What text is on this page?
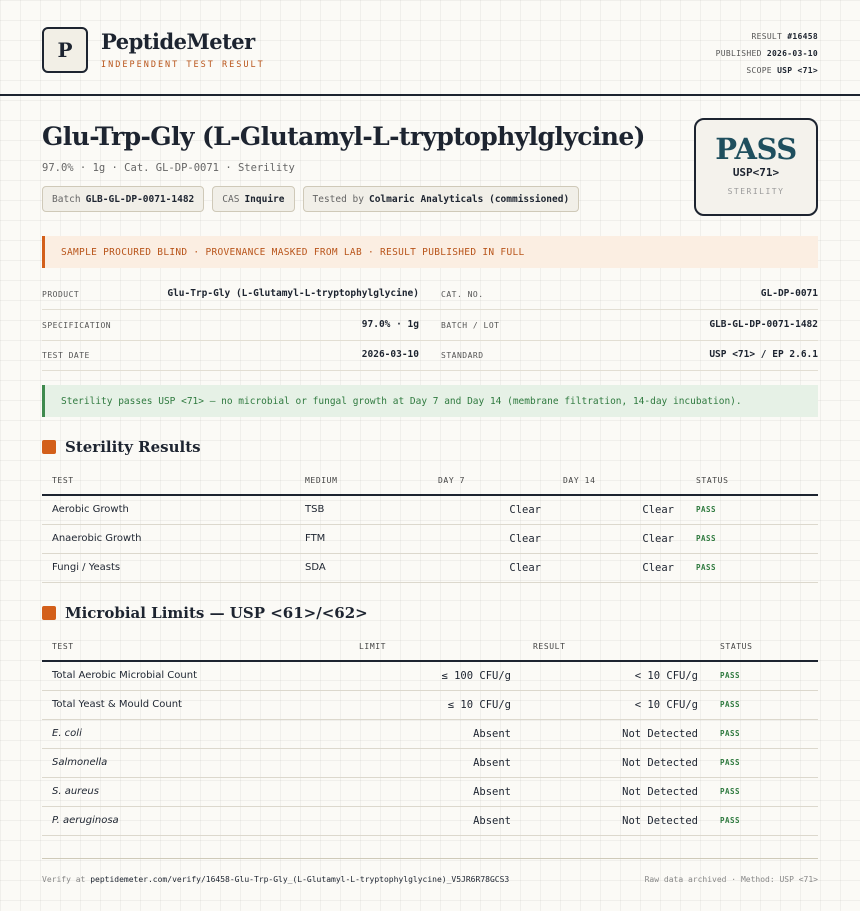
P	PeptideMeter
INDEPENDENT TEST RESULT
RESULT #16458
PUBLISHED 2026-03-10
SCOPE USP <71>
Glu-Trp-Gly (L-Glutamyl-L-tryptophylglycine)
97.0% · 1g · Cat. GL-DP-0071 · Sterility
Batch GLB-GL-DP-0071-1482	CAS Inquire	Tested by Colmaric Analyticals (commissioned)
PASS
USP<71>
STERILITY
SAMPLE PROCURED BLIND · PROVENANCE MASKED FROM LAB · RESULT PUBLISHED IN FULL
PRODUCT	Glu-Trp-Gly (L-Glutamyl-L-tryptophylglycine)	CAT. NO.	GL-DP-0071
SPECIFICATION	97.0% · 1g	BATCH / LOT	GLB-GL-DP-0071-1482
TEST DATE	2026-03-10	STANDARD	USP <71> / EP 2.6.1
Sterility passes USP <71> — no microbial or fungal growth at Day 7 and Day 14 (membrane filtration, 14-day incubation).
Sterility Results
TEST	MEDIUM	DAY 7	DAY 14	STATUS
Aerobic Growth	TSB	Clear	Clear	PASS
Anaerobic Growth	FTM	Clear	Clear	PASS
Fungi / Yeasts	SDA	Clear	Clear	PASS
Microbial Limits — USP <61>/<62>
TEST	LIMIT	RESULT	STATUS
Total Aerobic Microbial Count	≤ 100 CFU/g	< 10 CFU/g	PASS
Total Yeast & Mould Count	≤ 10 CFU/g	< 10 CFU/g	PASS
E. coli	Absent	Not Detected	PASS
Salmonella	Absent	Not Detected	PASS
S. aureus	Absent	Not Detected	PASS
P. aeruginosa	Absent	Not Detected	PASS
Verify at peptidemeter.com/verify/16458-Glu-Trp-Gly_(L-Glutamyl-L-tryptophylglycine)_V5JR6R78GCS3	Raw data archived · Method: USP <71>
